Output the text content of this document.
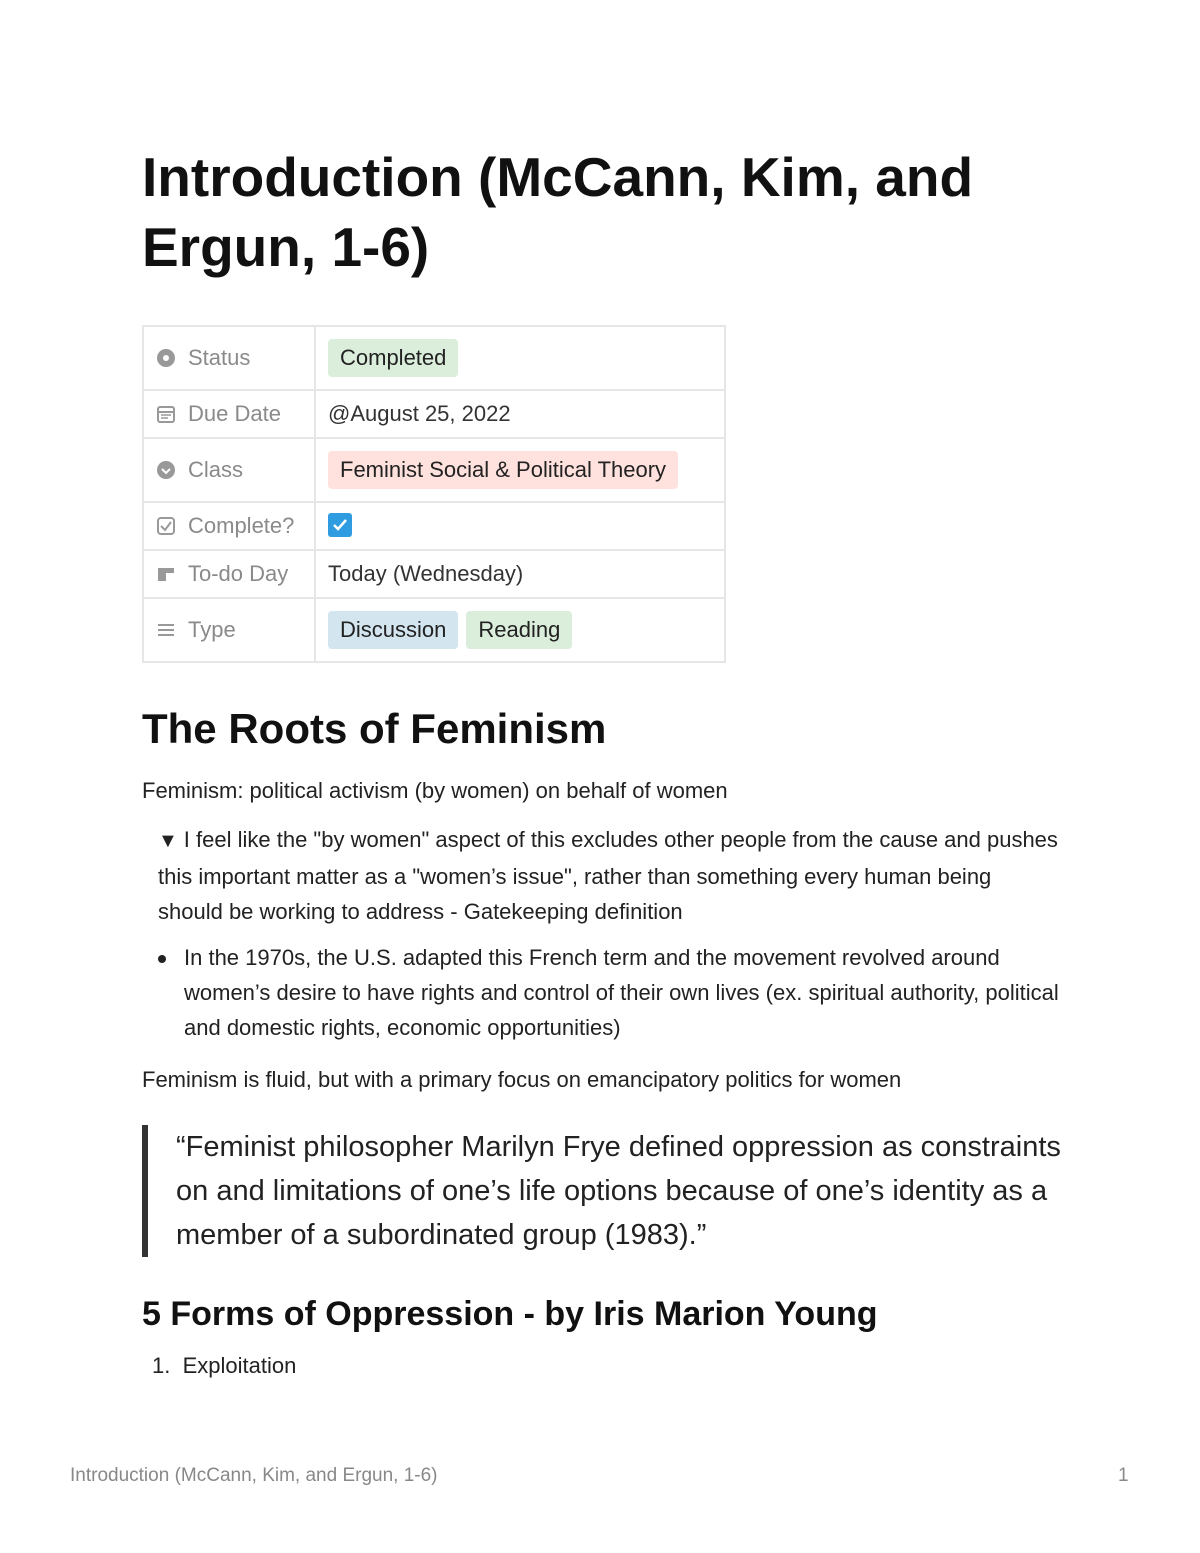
Introduction (McCann, Kim, and Ergun, 1-6)
Status	Completed
Due Date	@August 25, 2022
Class	Feminist Social & Political Theory
Complete?	

To-do Day	Today (Wednesday)
Type	Discussion Reading
The Roots of Feminism

Feminism: political activism (by women) on behalf of women

▼ I feel like the "by women" aspect of this excludes other people from the cause and pushes this important matter as a "women’s issue", rather than something every human being should be working to address - Gatekeeping definition

In the 1970s, the U.S. adapted this French term and the movement revolved around women’s desire to have rights and control of their own lives (ex. spiritual authority, political and domestic rights, economic opportunities)

Feminism is fluid, but with a primary focus on emancipatory politics for women

“Feminist philosopher Marilyn Frye defined oppression as constraints on and limitations of one’s life options because of one’s identity as a member of a subordinated group (1983).”
5 Forms of Oppression - by Iris Marion Young

1.  Exploitation

Introduction (McCann, Kim, and Ergun, 1-6)	1
